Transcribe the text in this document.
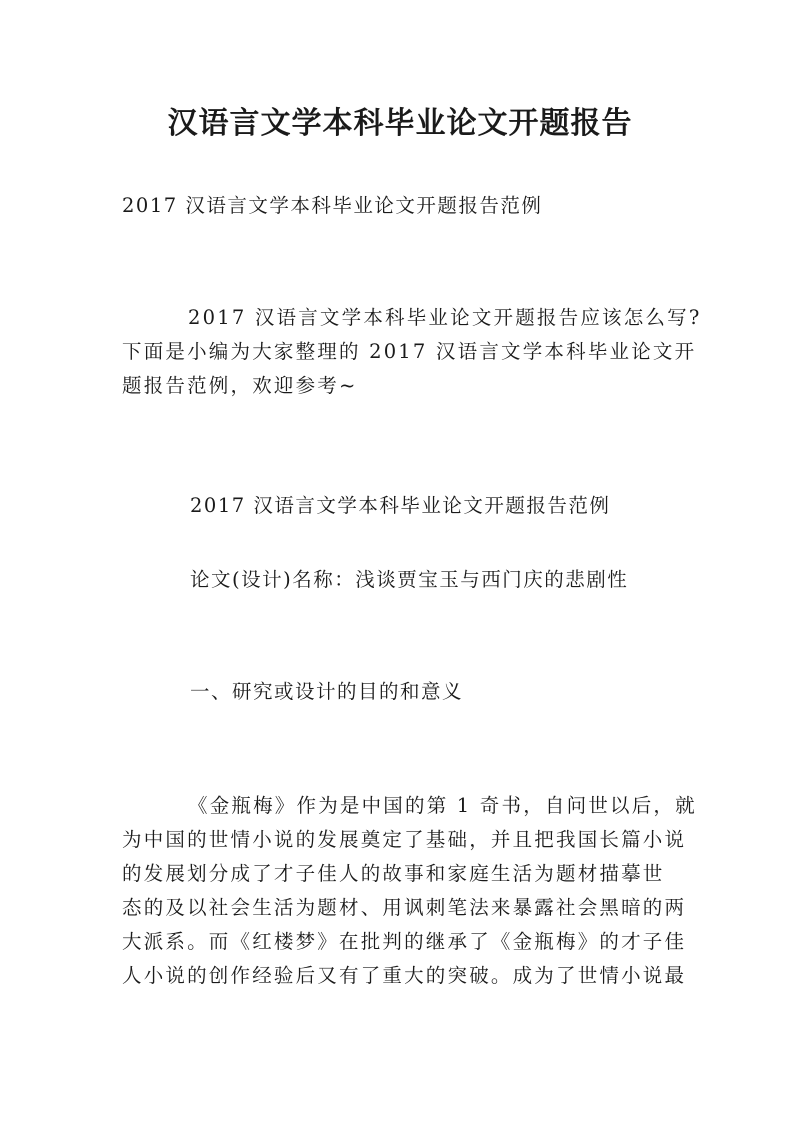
汉语言文学本科毕业论文开题报告
2017 汉语言文学本科毕业论文开题报告范例

2017 汉语言文学本科毕业论文开题报告应该怎么写?

下面是小编为大家整理的 2017 汉语言文学本科毕业论文开

题报告范例，欢迎参考~

2017 汉语言文学本科毕业论文开题报告范例
论文(设计)名称：浅谈贾宝玉与西门庆的悲剧性
一、研究或设计的目的和意义

《金瓶梅》作为是中国的第 1 奇书，自问世以后，就

为中国的世情小说的发展奠定了基础，并且把我国长篇小说

的发展划分成了才子佳人的故事和家庭生活为题材描摹世

态的及以社会生活为题材、用讽刺笔法来暴露社会黑暗的两

大派系。而《红楼梦》在批判的继承了《金瓶梅》的才子佳

人小说的创作经验后又有了重大的突破。成为了世情小说最
